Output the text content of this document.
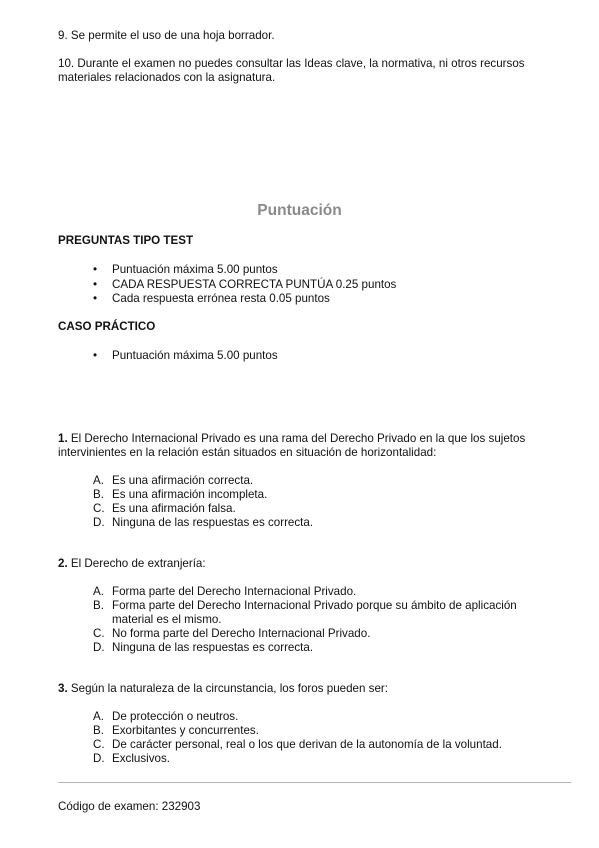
9. Se permite el uso de una hoja borrador.
10. Durante el examen no puedes consultar las Ideas clave, la normativa, ni otros recursos materiales relacionados con la asignatura.
Puntuación
PREGUNTAS TIPO TEST
• Puntuación máxima 5.00 puntos
• CADA RESPUESTA CORRECTA PUNTÚA 0.25 puntos
• Cada respuesta errónea resta 0.05 puntos
CASO PRÁCTICO
• Puntuación máxima 5.00 puntos
1. El Derecho Internacional Privado es una rama del Derecho Privado en la que los sujetos intervinientes en la relación están situados en situación de horizontalidad:
A. Es una afirmación correcta.
B. Es una afirmación incompleta.
C. Es una afirmación falsa.
D. Ninguna de las respuestas es correcta.
2. El Derecho de extranjería:
A. Forma parte del Derecho Internacional Privado.
B. Forma parte del Derecho Internacional Privado porque su ámbito de aplicación material es el mismo.
C. No forma parte del Derecho Internacional Privado.
D. Ninguna de las respuestas es correcta.
3. Según la naturaleza de la circunstancia, los foros pueden ser:
A. De protección o neutros.
B. Exorbitantes y concurrentes.
C. De carácter personal, real o los que derivan de la autonomía de la voluntad.
D. Exclusivos.
Código de examen: 232903
